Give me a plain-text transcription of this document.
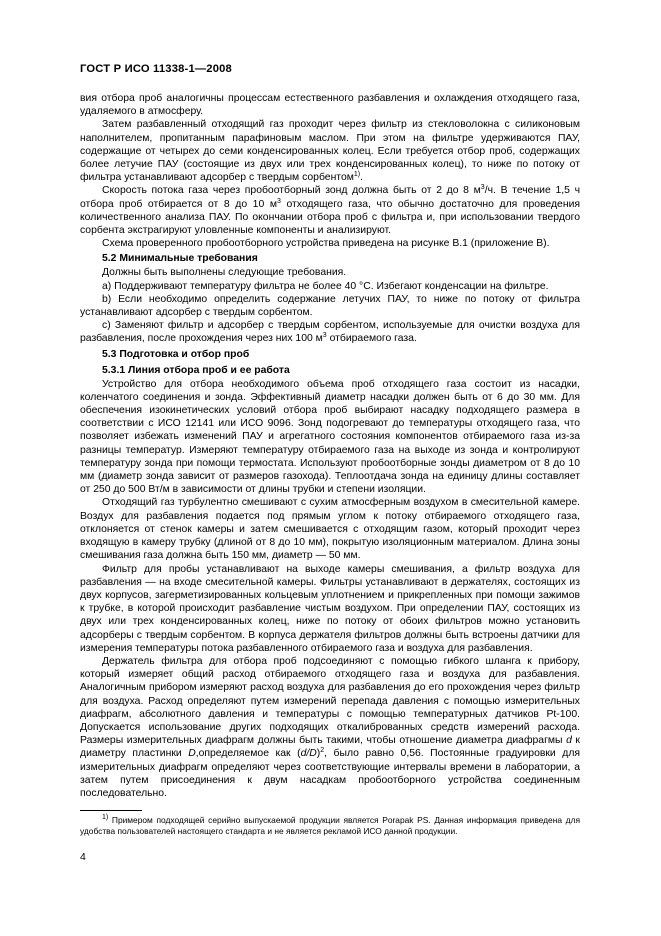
ГОСТ Р ИСО 11338-1—2008

вия отбора проб аналогичны процессам естественного разбавления и охлаждения отходящего газа, удаляемого в атмосферу.

Затем разбавленный отходящий газ проходит через фильтр из стекловолокна с силиконовым наполнителем, пропитанным парафиновым маслом. При этом на фильтре удерживаются ПАУ, содержащие от четырех до семи конденсированных колец. Если требуется отбор проб, содержащих более летучие ПАУ (состоящие из двух или трех конденсированных колец), то ниже по потоку от фильтра устанавливают адсорбер с твердым сорбентом$^{1)}$.

Скорость потока газа через пробоотборный зонд должна быть от 2 до 8 $м^3/ч$. В течение 1,5 ч отбора проб отбирается от 8 до 10 $м^3$ отходящего газа, что обычно достаточно для проведения количественного анализа ПАУ. По окончании отбора проб с фильтра и, при использовании твердого сорбента экстрагируют уловленные компоненты и анализируют.

Схема проверенного пробоотборного устройства приведена на рисунке В.1 (приложение В).

5.2 Минимальные требования

Должны быть выполнены следующие требования.

а) Поддерживают температуру фильтра не более 40 °С. Избегают конденсации на фильтре.

b) Если необходимо определить содержание летучих ПАУ, то ниже по потоку от фильтра устанавливают адсорбер с твердым сорбентом.

с) Заменяют фильтр и адсорбер с твердым сорбентом, используемые для очистки воздуха для разбавления, после прохождения через них 100 $м^3$ отбираемого газа.

5.3 Подготовка и отбор проб
5.3.1 Линия отбора проб и ее работа

Устройство для отбора необходимого объема проб отходящего газа состоит из насадки, коленчатого соединения и зонда. Эффективный диаметр насадки должен быть от 6 до 30 мм. Для обеспечения изокинетических условий отбора проб выбирают насадку подходящего размера в соответствии с ИСО 12141 или ИСО 9096. Зонд подогревают до температуры отходящего газа, что позволяет избежать изменений ПАУ и агрегатного состояния компонентов отбираемого газа из-за разницы температур. Измеряют температуру отбираемого газа на выходе из зонда и контролируют температуру зонда при помощи термостата. Используют пробоотборные зонды диаметром от 8 до 10 мм (диаметр зонда зависит от размеров газохода). Теплоотдача зонда на единицу длины составляет от 250 до 500 Вт/м в зависимости от длины трубки и степени изоляции.

Отходящий газ турбулентно смешивают с сухим атмосферным воздухом в смесительной камере. Воздух для разбавления подается под прямым углом к потоку отбираемого отходящего газа, отклоняется от стенок камеры и затем смешивается с отходящим газом, который проходит через входящую в камеру трубку (длиной от 8 до 10 мм), покрытую изоляционным материалом. Длина зоны смешивания газа должна быть 150 мм, диаметр — 50 мм.

Фильтр для пробы устанавливают на выходе камеры смешивания, а фильтр воздуха для разбавления — на входе смесительной камеры. Фильтры устанавливают в держателях, состоящих из двух корпусов, загерметизированных кольцевым уплотнением и прикрепленных при помощи зажимов к трубке, в которой происходит разбавление чистым воздухом. При определении ПАУ, состоящих из двух или трех конденсированных колец, ниже по потоку от обоих фильтров можно установить адсорберы с твердым сорбентом. В корпуса держателя фильтров должны быть встроены датчики для измерения температуры потока разбавленного отбираемого газа и воздуха для разбавления.

Держатель фильтра для отбора проб подсоединяют с помощью гибкого шланга к прибору, который измеряет общий расход отбираемого отходящего газа и воздуха для разбавления. Аналогичным прибором измеряют расход воздуха для разбавления до его прохождения через фильтр для воздуха. Расход определяют путем измерений перепада давления с помощью измерительных диафрагм, абсолютного давления и температуры с помощью температурных датчиков Pt-100. Допускается использование других подходящих откалиброванных средств измерений расхода. Размеры измерительных диафрагм должны быть такими, чтобы отношение диаметра диафрагмы d к диаметру пластинки D,определяемое как $(d/D)^2$, было равно 0,56. Постоянные градуировки для измерительных диафрагм определяют через соответствующие интервалы времени в лаборатории, а затем путем присоединения к двум насадкам пробоотборного устройства соединенным последовательно.

$^{1)}$ Примером подходящей серийно выпускаемой продукции является Porapak PS. Данная информация приведена для удобства пользователей настоящего стандарта и не является рекламой ИСО данной продукции.
4
